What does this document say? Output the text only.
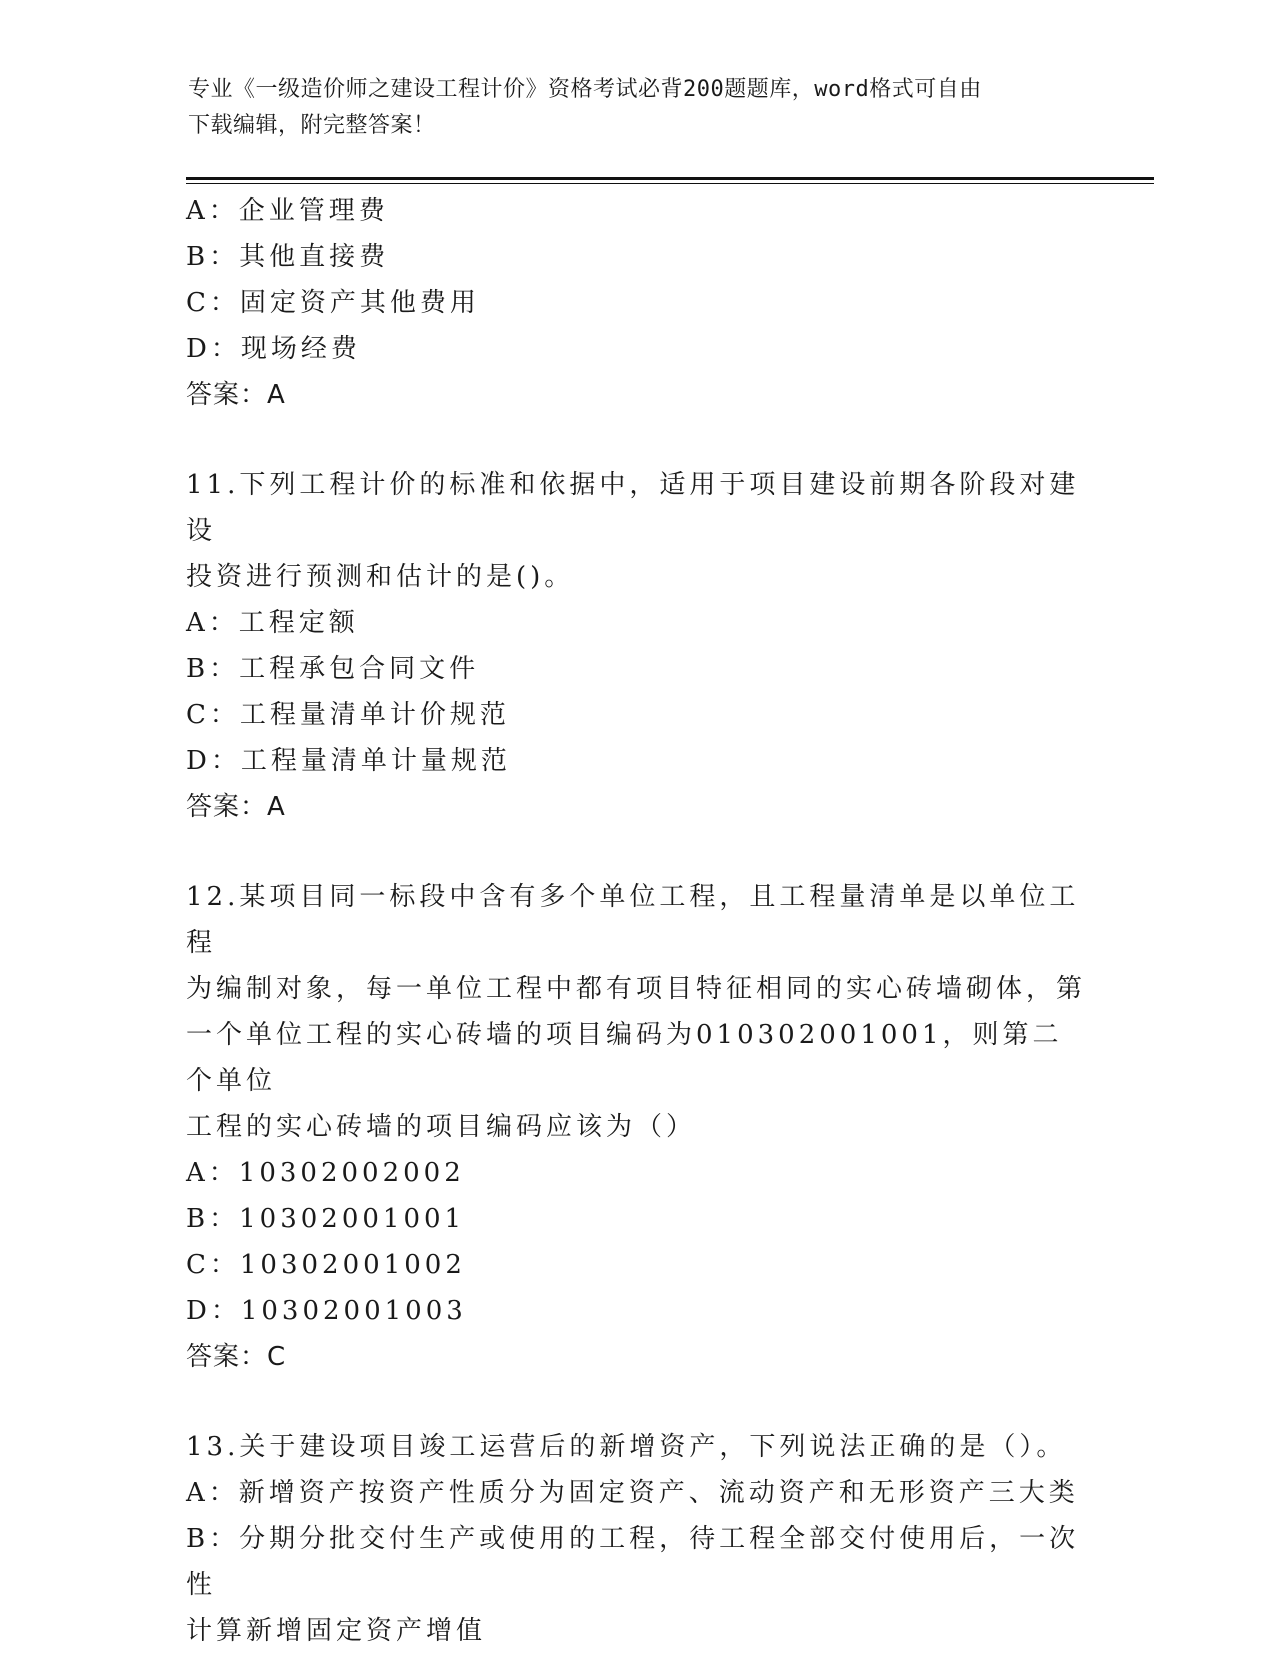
专业《一级造价师之建设工程计价》资格考试必背200题题库，word格式可自由
下载编辑，附完整答案！
A：企业管理费
B：其他直接费
C：固定资产其他费用
D：现场经费
答案：A
11.下列工程计价的标准和依据中，适用于项目建设前期各阶段对建设
投资进行预测和估计的是()。
A：工程定额
B：工程承包合同文件
C：工程量清单计价规范
D：工程量清单计量规范
答案：A
12.某项目同一标段中含有多个单位工程，且工程量清单是以单位工程
为编制对象，每一单位工程中都有项目特征相同的实心砖墙砌体，第
一个单位工程的实心砖墙的项目编码为010302001001，则第二个单位
工程的实心砖墙的项目编码应该为（）
A：10302002002
B：10302001001
C：10302001002
D：10302001003
答案：C
13.关于建设项目竣工运营后的新增资产，下列说法正确的是（）。
A：新增资产按资产性质分为固定资产、流动资产和无形资产三大类
B：分期分批交付生产或使用的工程，待工程全部交付使用后，一次性
计算新增固定资产增值
